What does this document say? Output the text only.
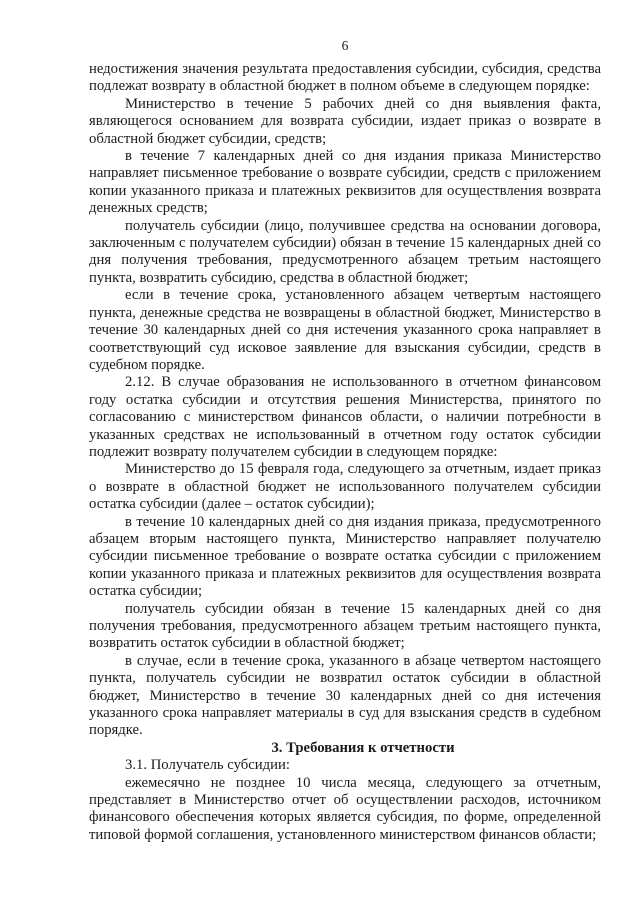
6

недостижения значения результата предоставления субсидии, субсидия, средства подлежат возврату в областной бюджет в полном объеме в следующем порядке:

Министерство в течение 5 рабочих дней со дня выявления факта, являющегося основанием для возврата субсидии, издает приказ о возврате в областной бюджет субсидии, средств;

в течение 7 календарных дней со дня издания приказа Министерство направляет письменное требование о возврате субсидии, средств с приложением копии указанного приказа и платежных реквизитов для осуществления возврата денежных средств;

получатель субсидии (лицо, получившее средства на основании договора, заключенным с получателем субсидии) обязан в течение 15 календарных дней со дня получения требования, предусмотренного абзацем третьим настоящего пункта, возвратить субсидию, средства в областной бюджет;

если в течение срока, установленного абзацем четвертым настоящего пункта, денежные средства не возвращены в областной бюджет, Министерство в течение 30 календарных дней со дня истечения указанного срока направляет в соответствующий суд исковое заявление для взыскания субсидии, средств в судебном порядке.

2.12. В случае образования не использованного в отчетном финансовом году остатка субсидии и отсутствия решения Министерства, принятого по согласованию с министерством финансов области, о наличии потребности в указанных средствах не использованный в отчетном году остаток субсидии подлежит возврату получателем субсидии в следующем порядке:

Министерство до 15 февраля года, следующего за отчетным, издает приказ о возврате в областной бюджет не использованного получателем субсидии остатка субсидии (далее – остаток субсидии);

в течение 10 календарных дней со дня издания приказа, предусмотренного абзацем вторым настоящего пункта, Министерство направляет получателю субсидии письменное требование о возврате остатка субсидии с приложением копии указанного приказа и платежных реквизитов для осуществления возврата остатка субсидии;

получатель субсидии обязан в течение 15 календарных дней со дня получения требования, предусмотренного абзацем третьим настоящего пункта, возвратить остаток субсидии в областной бюджет;

в случае, если в течение срока, указанного в абзаце четвертом настоящего пункта, получатель субсидии не возвратил остаток субсидии в областной бюджет, Министерство в течение 30 календарных дней со дня истечения указанного срока направляет материалы в суд для взыскания средств в судебном порядке.

3. Требования к отчетности

3.1. Получатель субсидии:

ежемесячно не позднее 10 числа месяца, следующего за отчетным, представляет в Министерство отчет об осуществлении расходов, источником финансового обеспечения которых является субсидия, по форме, определенной типовой формой соглашения, установленного министерством финансов области;
